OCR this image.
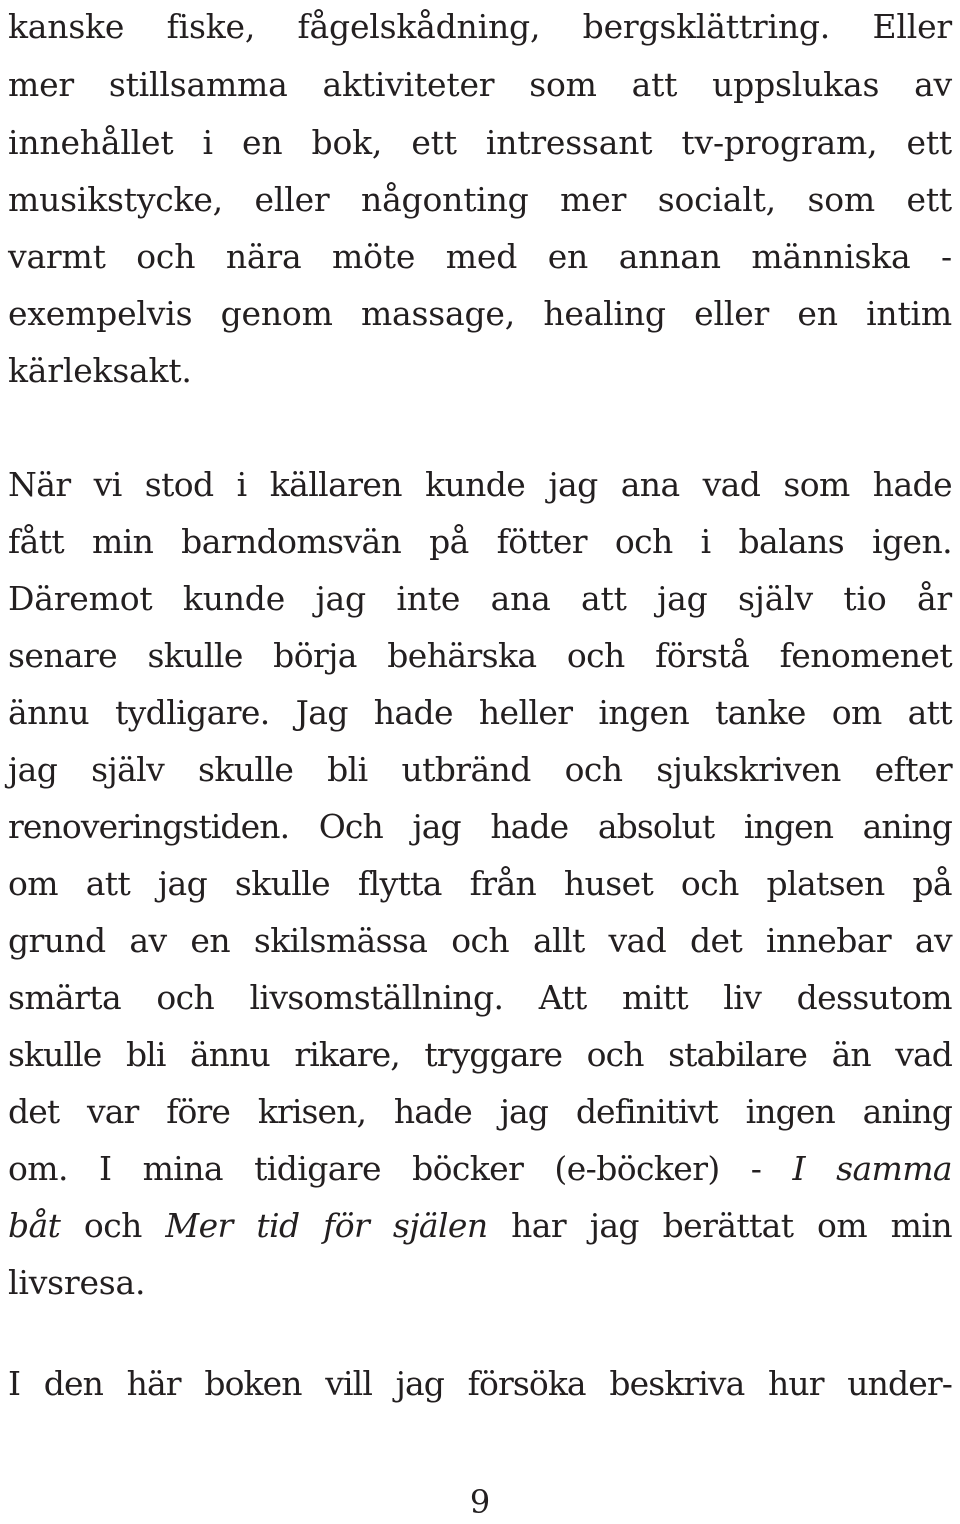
kanske fiske, fågelskådning, bergsklättring. Eller
mer stillsamma aktiviteter som att uppslukas av
innehållet i en bok, ett intressant tv-program, ett
musikstycke, eller någonting mer socialt, som ett
varmt och nära möte med en annan människa -
exempelvis genom massage, healing eller en intim
kärleksakt.
När vi stod i källaren kunde jag ana vad som hade
fått min barndomsvän på fötter och i balans igen.
Däremot kunde jag inte ana att jag själv tio år
senare skulle börja behärska och förstå fenomenet
ännu tydligare. Jag hade heller ingen tanke om att
jag själv skulle bli utbränd och sjukskriven efter
renoveringstiden. Och jag hade absolut ingen aning
om att jag skulle flytta från huset och platsen på
grund av en skilsmässa och allt vad det innebar av
smärta och livsomställning. Att mitt liv dessutom
skulle bli ännu rikare, tryggare och stabilare än vad
det var före krisen, hade jag definitivt ingen aning
om. I mina tidigare böcker (e-böcker) - I samma
båt och Mer tid för själen har jag berättat om min
livsresa.
I den här boken vill jag försöka beskriva hur under-
9
